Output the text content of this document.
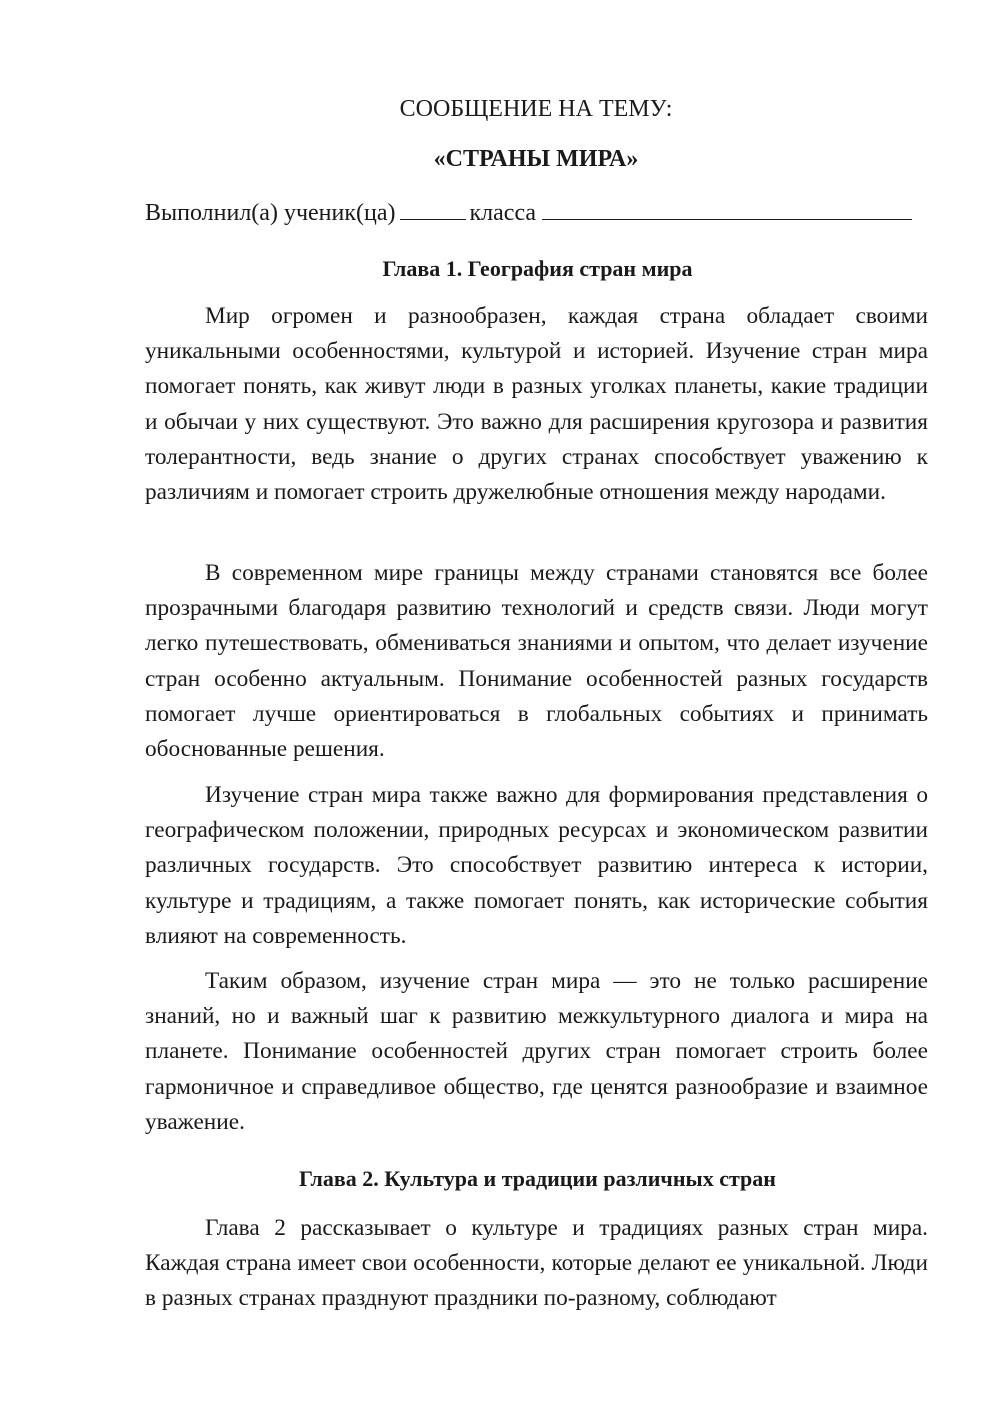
СООБЩЕНИЕ НА ТЕМУ:
«СТРАНЫ МИРА»
Выполнил(а) ученик(ца)	класса
Глава 1. География стран мира

Мир огромен и разнообразен, каждая страна обладает своими уникальными особенностями, культурой и историей. Изучение стран мира помогает понять, как живут люди в разных уголках планеты, какие традиции и обычаи у них существуют. Это важно для расширения кругозора и развития толерантности, ведь знание о других странах способствует уважению к различиям и помогает строить дружелюбные отношения между народами.

В современном мире границы между странами становятся все более прозрачными благодаря развитию технологий и средств связи. Люди могут легко путешествовать, обмениваться знаниями и опытом, что делает изучение стран особенно актуальным. Понимание особенностей разных государств помогает лучше ориентироваться в глобальных событиях и принимать обоснованные решения.

Изучение стран мира также важно для формирования представления о географическом положении, природных ресурсах и экономическом развитии различных государств. Это способствует развитию интереса к истории, культуре и традициям, а также помогает понять, как исторические события влияют на современность.

Таким образом, изучение стран мира — это не только расширение знаний, но и важный шаг к развитию межкультурного диалога и мира на планете. Понимание особенностей других стран помогает строить более гармоничное и справедливое общество, где ценятся разнообразие и взаимное уважение.

Глава 2. Культура и традиции различных стран

Глава 2 рассказывает о культуре и традициях разных стран мира. Каждая страна имеет свои особенности, которые делают ее уникальной. Люди в разных странах празднуют праздники по-разному, соблюдают
